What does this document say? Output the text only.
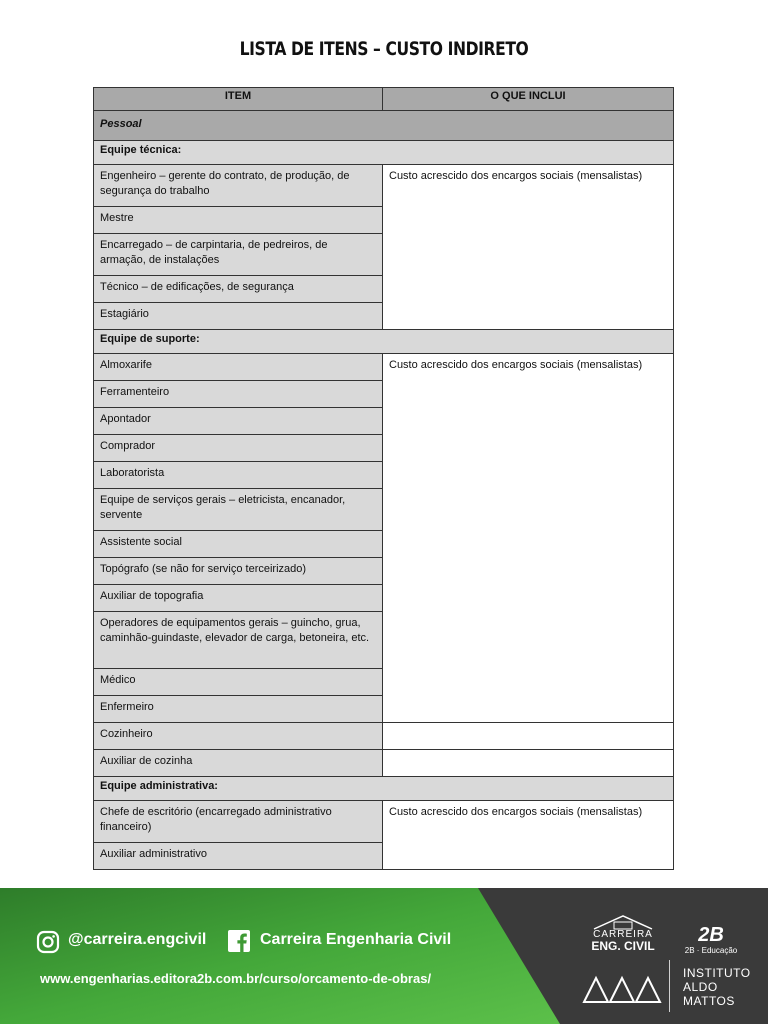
LISTA DE ITENS – CUSTO INDIRETO
ITEM	O QUE INCLUI
Pessoal	
Equipe técnica:	
Engenheiro – gerente do contrato, de produção, de segurança do trabalho	Custo acrescido dos encargos sociais (mensalistas)
Mestre	
Encarregado – de carpintaria, de pedreiros, de armação, de instalações	
Técnico – de edificações, de segurança	
Estagiário	
Equipe de suporte:	
Almoxarife	Custo acrescido dos encargos sociais (mensalistas)
Ferramenteiro	
Apontador	
Comprador	
Laboratorista	
Equipe de serviços gerais – eletricista, encanador, servente	
Assistente social	
Topógrafo (se não for serviço terceirizado)	
Auxiliar de topografia	
Operadores de equipamentos gerais – guincho, grua, caminhão-guindaste, elevador de carga, betoneira, etc.	
Médico	
Enfermeiro	
Cozinheiro	
Auxiliar de cozinha	
Equipe administrativa:	
Chefe de escritório (encarregado administrativo financeiro)	Custo acrescido dos encargos sociais (mensalistas)
Auxiliar administrativo	
@carreira.engcivil	Carreira Engenharia Civil
www.engenharias.editora2b.com.br/curso/orcamento-de-obras/
CARREIRA
ENG. CIVIL	2B
2B · Educação
INSTITUTO
ALDO
MATTOS
